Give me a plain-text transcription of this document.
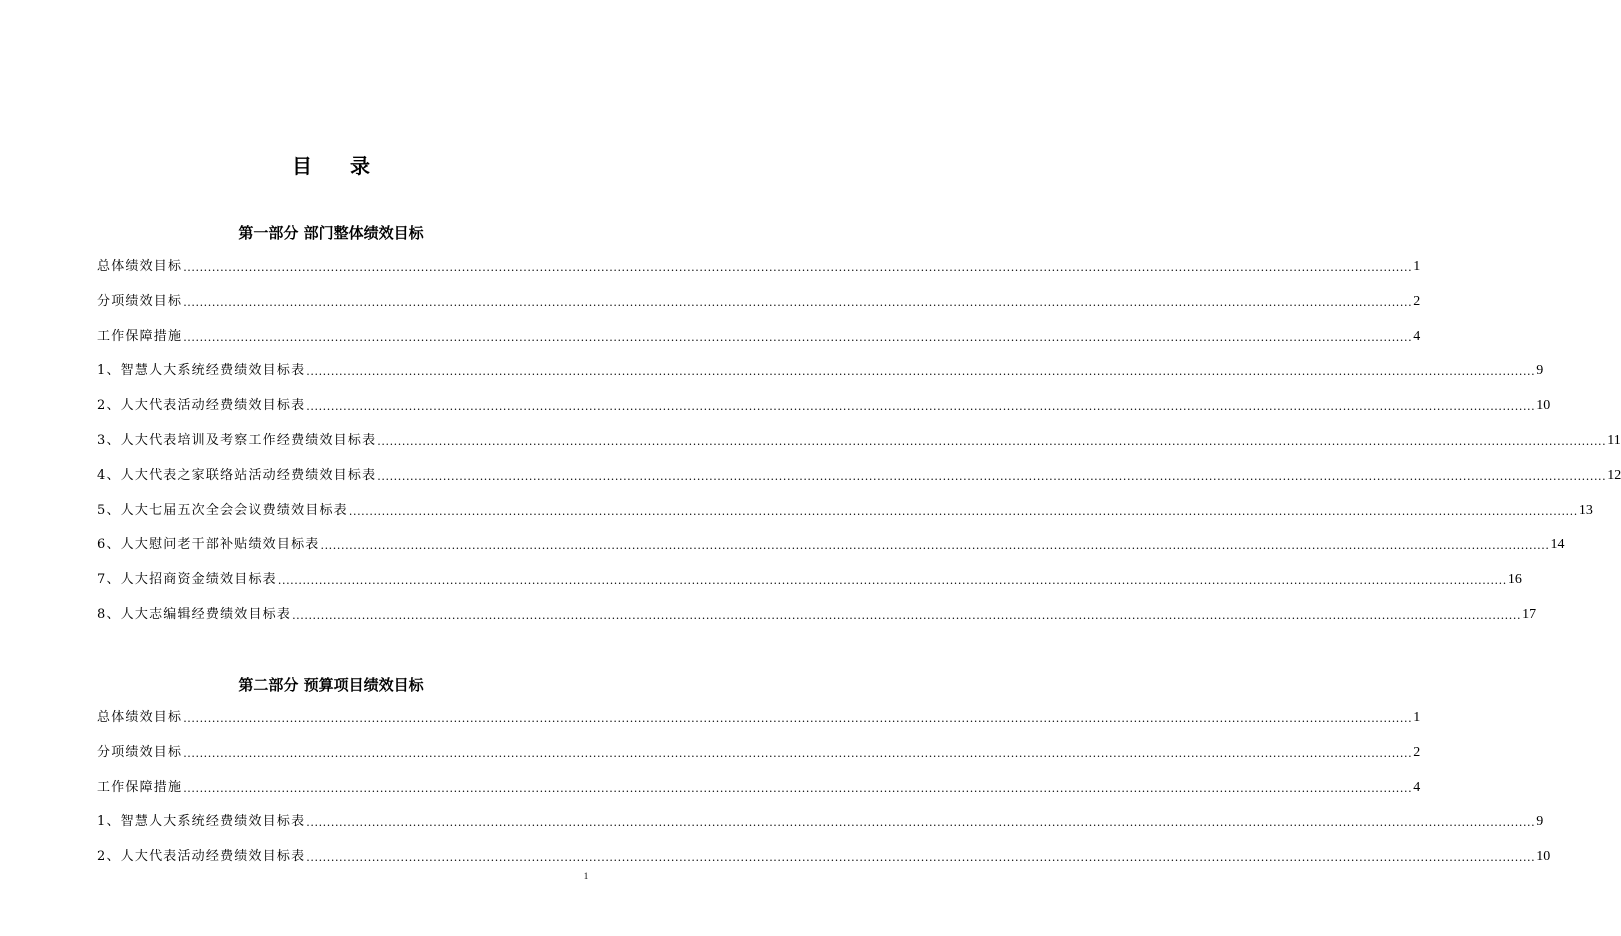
目 录
第一部分 部门整体绩效目标
总体绩效目标 ............................................................................................................................................................................................................................................................................................................ 1
分项绩效目标 ............................................................................................................................................................................................................................................................................................................ 2
工作保障措施 ............................................................................................................................................................................................................................................................................................................ 4
1、智慧人大系统经费绩效目标表 ............................................................................................................................................................................................................................................................................................................ 9
2、人大代表活动经费绩效目标表 ............................................................................................................................................................................................................................................................................................................ 10
3、人大代表培训及考察工作经费绩效目标表 ............................................................................................................................................................................................................................................................................................................ 11
4、人大代表之家联络站活动经费绩效目标表 ............................................................................................................................................................................................................................................................................................................ 12
5、人大七届五次全会会议费绩效目标表 ............................................................................................................................................................................................................................................................................................................ 13
6、人大慰问老干部补贴绩效目标表 ............................................................................................................................................................................................................................................................................................................ 14
7、人大招商资金绩效目标表 ............................................................................................................................................................................................................................................................................................................ 16
8、人大志编辑经费绩效目标表 ............................................................................................................................................................................................................................................................................................................ 17
第二部分 预算项目绩效目标
总体绩效目标 ............................................................................................................................................................................................................................................................................................................ 1
分项绩效目标 ............................................................................................................................................................................................................................................................................................................ 2
工作保障措施 ............................................................................................................................................................................................................................................................................................................ 4
1、智慧人大系统经费绩效目标表 ............................................................................................................................................................................................................................................................................................................ 9
2、人大代表活动经费绩效目标表 ............................................................................................................................................................................................................................................................................................................ 10
1
